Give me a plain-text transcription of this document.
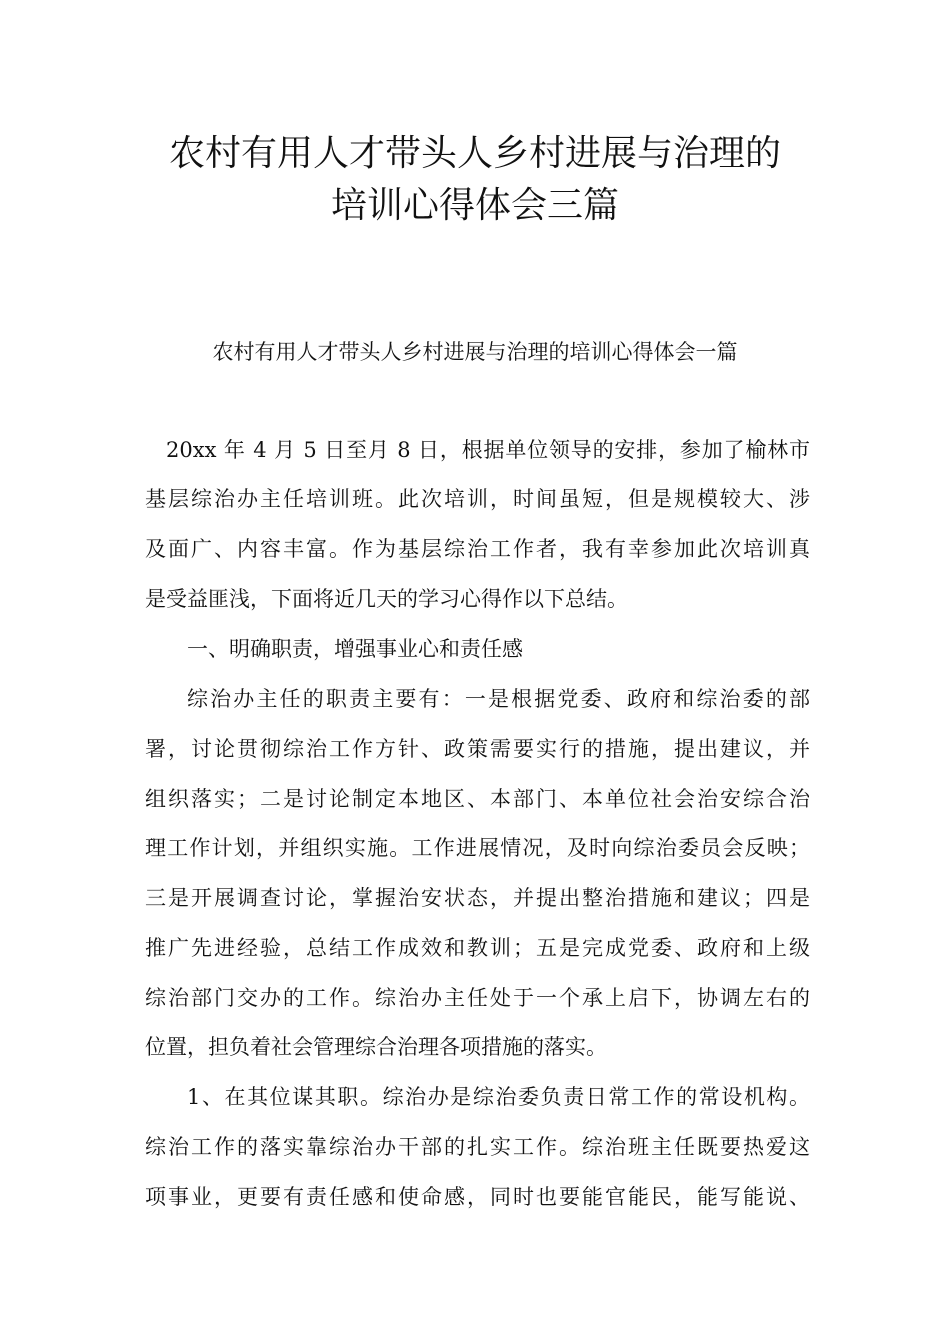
农村有用人才带头人乡村进展与治理的
培训心得体会三篇
农村有用人才带头人乡村进展与治理的培训心得体会一篇
20xx 年 4 月 5 日至月 8 日，根据单位领导的安排，参加了榆林市
基层综治办主任培训班。此次培训，时间虽短，但是规模较大、涉
及面广、内容丰富。作为基层综治工作者，我有幸参加此次培训真
是受益匪浅，下面将近几天的学习心得作以下总结。
一、明确职责，增强事业心和责任感
综治办主任的职责主要有：一是根据党委、政府和综治委的部
署，讨论贯彻综治工作方针、政策需要实行的措施，提出建议，并
组织落实；二是讨论制定本地区、本部门、本单位社会治安综合治
理工作计划，并组织实施。工作进展情况，及时向综治委员会反映；
三是开展调查讨论，掌握治安状态，并提出整治措施和建议；四是
推广先进经验，总结工作成效和教训；五是完成党委、政府和上级
综治部门交办的工作。综治办主任处于一个承上启下，协调左右的
位置，担负着社会管理综合治理各项措施的落实。
1、在其位谋其职。综治办是综治委负责日常工作的常设机构。
综治工作的落实靠综治办干部的扎实工作。综治班主任既要热爱这
项事业，更要有责任感和使命感，同时也要能官能民，能写能说、
